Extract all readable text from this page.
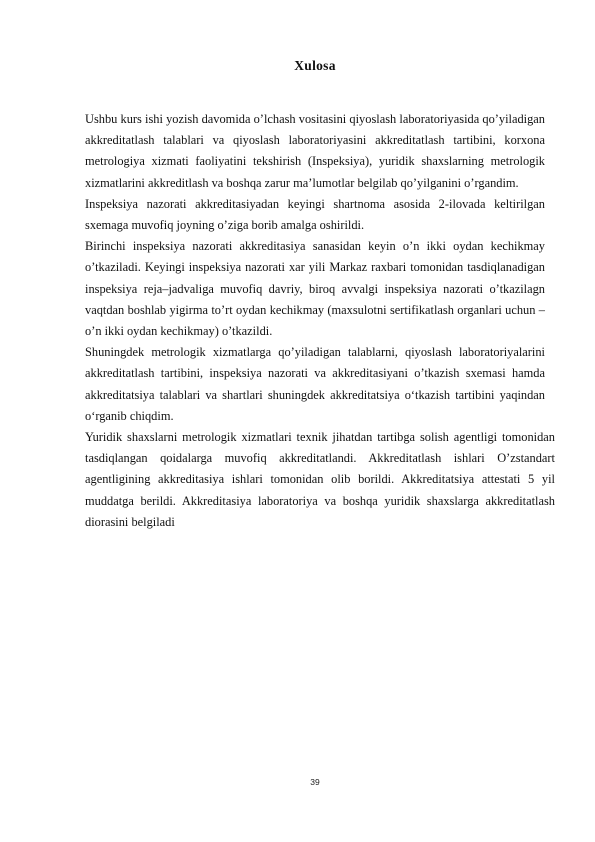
Xulosa

Ushbu kurs ishi yozish davomida o’lchash vositasini qiyoslash laboratoriyasida qo’yiladigan akkreditatlash talablari va qiyoslash laboratoriyasini akkreditatlash tartibini, korxona metrologiya xizmati faoliyatini tekshirish (Inspeksiya), yuridik shaxslarning metrologik xizmatlarini akkreditlash va boshqa zarur ma’lumotlar belgilab qo’yilganini o’rgandim.

Inspeksiya nazorati akkreditasiyadan keyingi shartnoma asosida 2-ilovada keltirilgan sxemaga muvofiq joyning o’ziga borib amalga oshirildi.

Birinchi inspeksiya nazorati akkreditasiya sanasidan keyin o’n ikki oydan kechikmay o’tkaziladi. Keyingi inspeksiya nazorati xar yili Markaz raxbari tomonidan tasdiqlanadigan inspeksiya reja–jadvaliga muvofiq davriy, biroq avvalgi inspeksiya nazorati o’tkazilagn vaqtdan boshlab yigirma to’rt oydan kechikmay (maxsulotni sertifikatlash organlari uchun –o’n ikki oydan kechikmay) o’tkazildi.

Shuningdek metrologik xizmatlarga qo’yiladigan talablarni, qiyoslash laboratoriyalarini akkreditatlash tartibini, inspeksiya nazorati va akkreditasiyani o’tkazish sxemasi hamda akkreditatsiya talablari va shartlari shuningdek akkreditatsiya oʻtkazish tartibini yaqindan oʻrganib chiqdim.

Yuridik shaxslarni metrologik xizmatlari texnik jihatdan tartibga solish agentligi tomonidan tasdiqlangan qoidalarga muvofiq akkreditatlandi. Akkreditatlash ishlari O’zstandart agentligining akkreditasiya ishlari tomonidan olib borildi. Akkreditatsiya attestati 5 yil muddatga berildi. Akkreditasiya laboratoriya va boshqa yuridik shaxslarga akkreditatlash diorasini belgiladi

39
